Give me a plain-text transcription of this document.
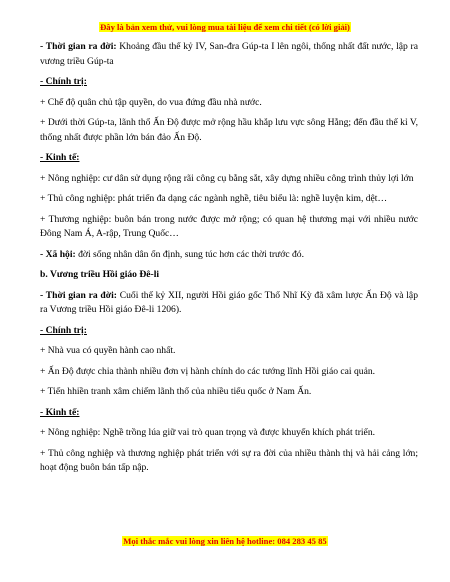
Đây là bản xem thử, vui lòng mua tài liệu để xem chi tiết (có lời giải)

- Thời gian ra đời: Khoảng đầu thế kỷ IV, San-đra Gúp-ta I lên ngôi, thống nhất đất nước, lập ra vương triều Gúp-ta

- Chính trị:

+ Chế độ quân chủ tập quyền, do vua đứng đầu nhà nước.

+ Dưới thời Gúp-ta, lãnh thổ Ấn Độ được mở rộng hầu khắp lưu vực sông Hằng; đến đầu thế kỉ V, thống nhất được phần lớn bán đảo Ấn Độ.

- Kinh tế:

+ Nông nghiệp: cư dân sử dụng rộng rãi công cụ bằng sắt, xây dựng nhiều công trình thủy lợi lớn

+ Thủ công nghiệp: phát triển đa dạng các ngành nghề, tiêu biểu là: nghề luyện kim, dệt…

+ Thương nghiệp: buôn bán trong nước được mở rộng; có quan hệ thương mại với nhiều nước Đông Nam Á, A-rập, Trung Quốc…

- Xã hội: đời sống nhân dân ổn định, sung túc hơn các thời trước đó.

b. Vương triều Hồi giáo Đê-li

- Thời gian ra đời: Cuối thế kỷ XII, người Hồi giáo gốc Thổ Nhĩ Kỳ đã xâm lược Ấn Độ và lập ra Vương triều Hồi giáo Đê-li 1206).

- Chính trị:

+ Nhà vua có quyền hành cao nhất.

+ Ấn Độ được chia thành nhiều đơn vị hành chính do các tướng lĩnh Hồi giáo cai quản.

+ Tiến hhiền tranh xâm chiếm lãnh thổ của nhiều tiểu quốc ở Nam Ấn.

- Kinh tế:

+ Nông nghiệp: Nghề trồng lúa giữ vai trò quan trọng và được khuyến khích phát triển.

+ Thủ công nghiệp và thương nghiệp phát triển với sự ra đời của nhiều thành thị và hải cảng lớn; hoạt động buôn bán tấp nập.

Mọi thắc mắc vui lòng xin liên hệ hotline: 084 283 45 85
